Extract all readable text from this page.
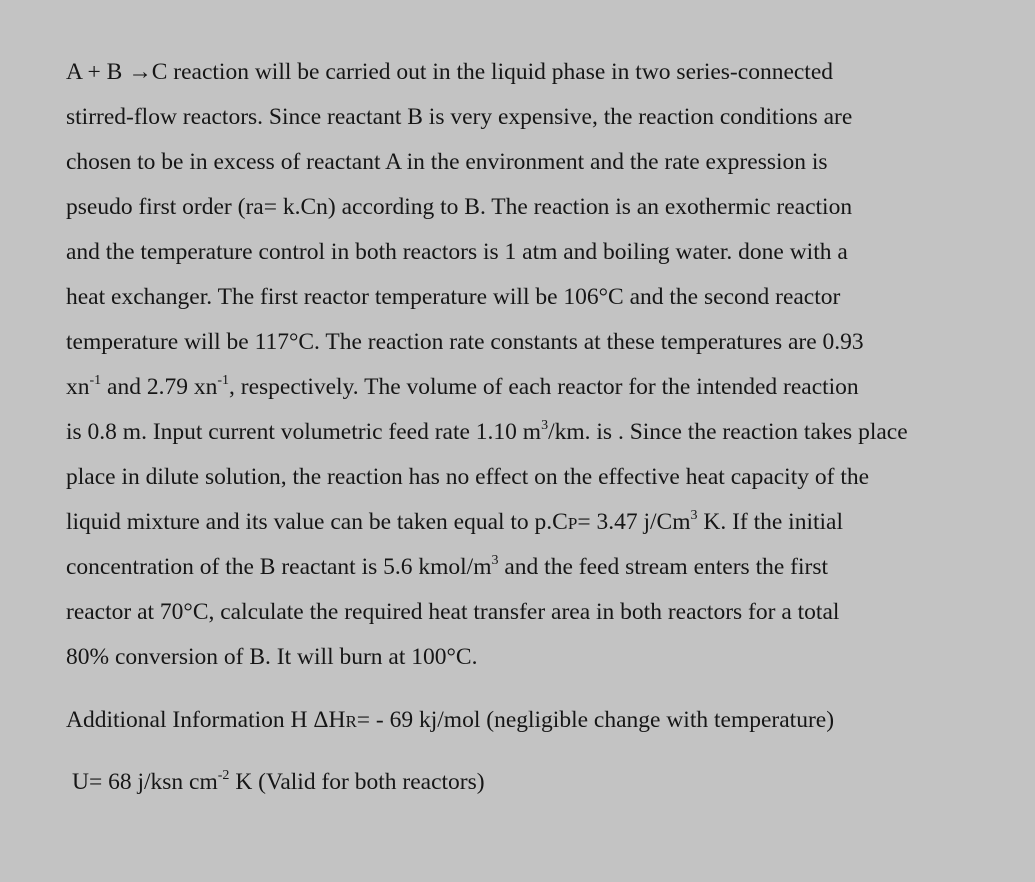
A + B →C reaction will be carried out in the liquid phase in two series-connected
stirred-flow reactors. Since reactant B is very expensive, the reaction conditions are
chosen to be in excess of reactant A in the environment and the rate expression is
pseudo first order (ra= k.Cn) according to B. The reaction is an exothermic reaction
and the temperature control in both reactors is 1 atm and boiling water. done with a
heat exchanger. The first reactor temperature will be 106°C and the second reactor
temperature will be 117°C. The reaction rate constants at these temperatures are 0.93
$xn^{-1}$ and 2.79 $xn^{-1}$, respectively. The volume of each reactor for the intended reaction
is 0.8 m. Input current volumetric feed rate 1.10 $m^3/km$. is . Since the reaction takes place
place in dilute solution, the reaction has no effect on the effective heat capacity of the
liquid mixture and its value can be taken equal to p.CP= 3.47 j/Cm$^3$ K. If the initial
concentration of the B reactant is 5.6 kmol/$m^3$ and the feed stream enters the first
reactor at 70°C, calculate the required heat transfer area in both reactors for a total
80% conversion of B. It will burn at 100°C.
Additional Information H ΔHR= - 69 kj/mol (negligible change with temperature)
U= 68 j/ksn $cm^{-2}$ K (Valid for both reactors)
